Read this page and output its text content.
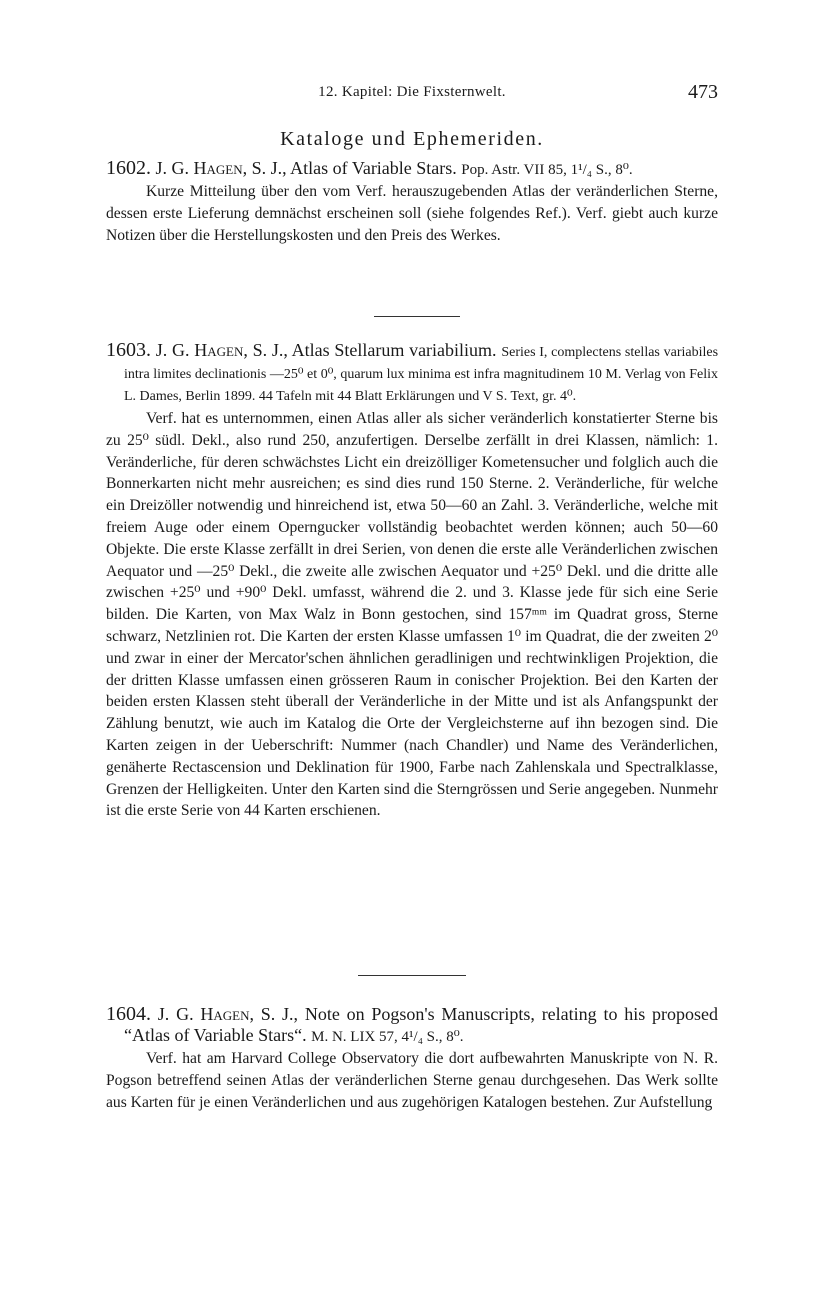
12. Kapitel: Die Fixsternwelt.	473
Kataloge und Ephemeriden.
1602. J. G. Hagen, S. J., Atlas of Variable Stars. Pop. Astr. VII 85, 1¹/₄ S., 8⁰.
Kurze Mitteilung über den vom Verf. herauszugebenden Atlas der veränderlichen Sterne, dessen erste Lieferung demnächst erscheinen soll (siehe folgendes Ref.). Verf. giebt auch kurze Notizen über die Herstellungskosten und den Preis des Werkes.
1603. J. G. Hagen, S. J., Atlas Stellarum variabilium. Series I, complectens stellas variabiles intra limites declinationis —25⁰ et 0⁰, quarum lux minima est infra magnitudinem 10 M. Verlag von Felix L. Dames, Berlin 1899. 44 Tafeln mit 44 Blatt Erklärungen und V S. Text, gr. 4⁰.
Verf. hat es unternommen, einen Atlas aller als sicher veränderlich konstatierter Sterne bis zu 25⁰ südl. Dekl., also rund 250, anzufertigen. Derselbe zerfällt in drei Klassen, nämlich: 1. Veränderliche, für deren schwächstes Licht ein dreizölliger Kometensucher und folglich auch die Bonnerkarten nicht mehr ausreichen; es sind dies rund 150 Sterne. 2. Veränderliche, für welche ein Dreizöller notwendig und hinreichend ist, etwa 50—60 an Zahl. 3. Veränderliche, welche mit freiem Auge oder einem Operngucker vollständig beobachtet werden können; auch 50—60 Objekte. Die erste Klasse zerfällt in drei Serien, von denen die erste alle Veränderlichen zwischen Aequator und —25⁰ Dekl., die zweite alle zwischen Aequator und +25⁰ Dekl. und die dritte alle zwischen +25⁰ und +90⁰ Dekl. umfasst, während die 2. und 3. Klasse jede für sich eine Serie bilden. Die Karten, von Max Walz in Bonn gestochen, sind 157ᵐᵐ im Quadrat gross, Sterne schwarz, Netzlinien rot. Die Karten der ersten Klasse umfassen 1⁰ im Quadrat, die der zweiten 2⁰ und zwar in einer der Mercator'schen ähnlichen geradlinigen und rechtwinkligen Projektion, die der dritten Klasse umfassen einen grösseren Raum in conischer Projektion. Bei den Karten der beiden ersten Klassen steht überall der Veränderliche in der Mitte und ist als Anfangspunkt der Zählung benutzt, wie auch im Katalog die Orte der Vergleichsterne auf ihn bezogen sind. Die Karten zeigen in der Ueberschrift: Nummer (nach Chandler) und Name des Veränderlichen, genäherte Rectascension und Deklination für 1900, Farbe nach Zahlenskala und Spectralklasse, Grenzen der Helligkeiten. Unter den Karten sind die Sterngrössen und Serie angegeben. Nunmehr ist die erste Serie von 44 Karten erschienen.
1604. J. G. Hagen, S. J., Note on Pogson's Manuscripts, relating to his proposed “Atlas of Variable Stars“. M. N. LIX 57, 4¹/₄ S., 8⁰.
Verf. hat am Harvard College Observatory die dort aufbewahrten Manuskripte von N. R. Pogson betreffend seinen Atlas der veränderlichen Sterne genau durchgesehen. Das Werk sollte aus Karten für je einen Veränderlichen und aus zugehörigen Katalogen bestehen. Zur Aufstellung
